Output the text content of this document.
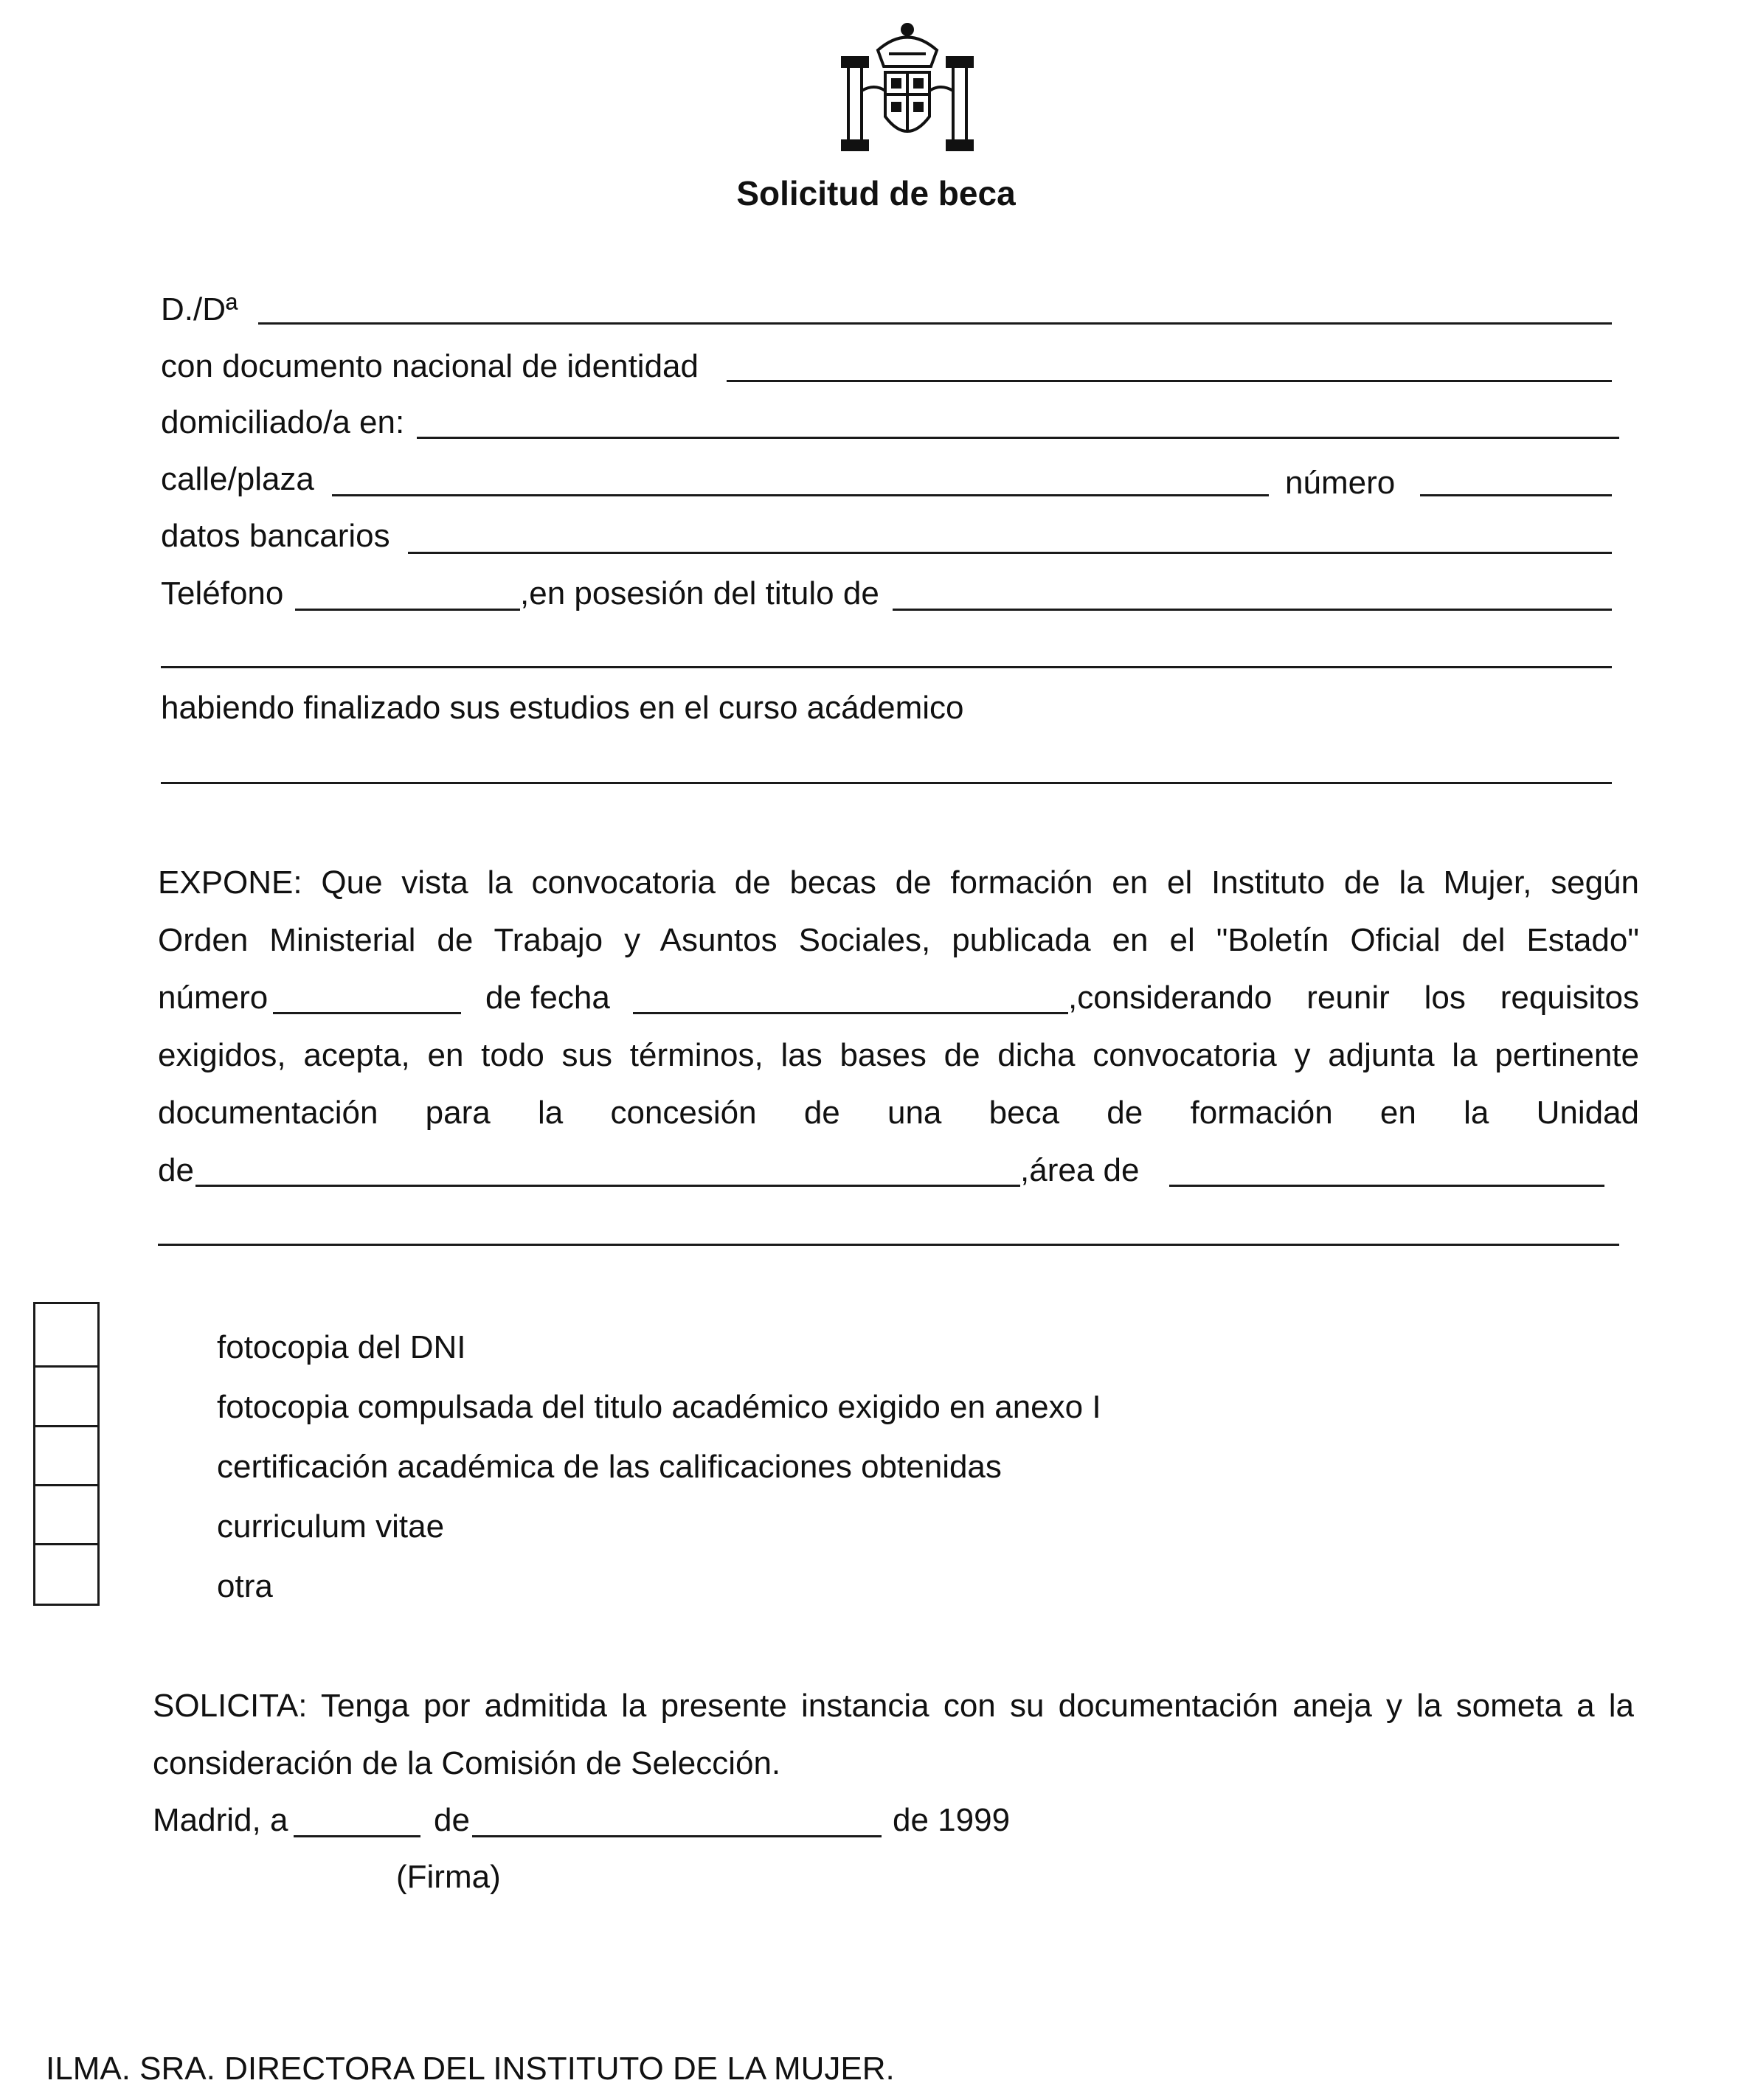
Solicitud de beca
D./Dª
con documento nacional de identidad
domiciliado/a en:
calle/plaza	número
datos bancarios
Teléfono	,en posesión del titulo de
habiendo finalizado sus estudios en el curso acádemico
EXPONE: Que vista la convocatoria de becas de formación en el Instituto de la Mujer, según
Orden Ministerial de Trabajo y Asuntos Sociales, publicada en el "Boletín Oficial del Estado"
número	de fecha	,considerando reunir los requisitos
exigidos, acepta, en todo sus términos, las bases de dicha convocatoria y adjunta la pertinente
documentación para la concesión de una beca de formación en la Unidad
de	,área de
fotocopia del DNI
fotocopia compulsada del titulo académico exigido en anexo I
certificación académica de las calificaciones obtenidas
curriculum vitae
otra
SOLICITA: Tenga por admitida la presente instancia con su documentación aneja y la someta a la
consideración de la Comisión de Selección.
Madrid, a	de	de 1999
(Firma)
ILMA. SRA. DIRECTORA DEL INSTITUTO DE LA MUJER.
